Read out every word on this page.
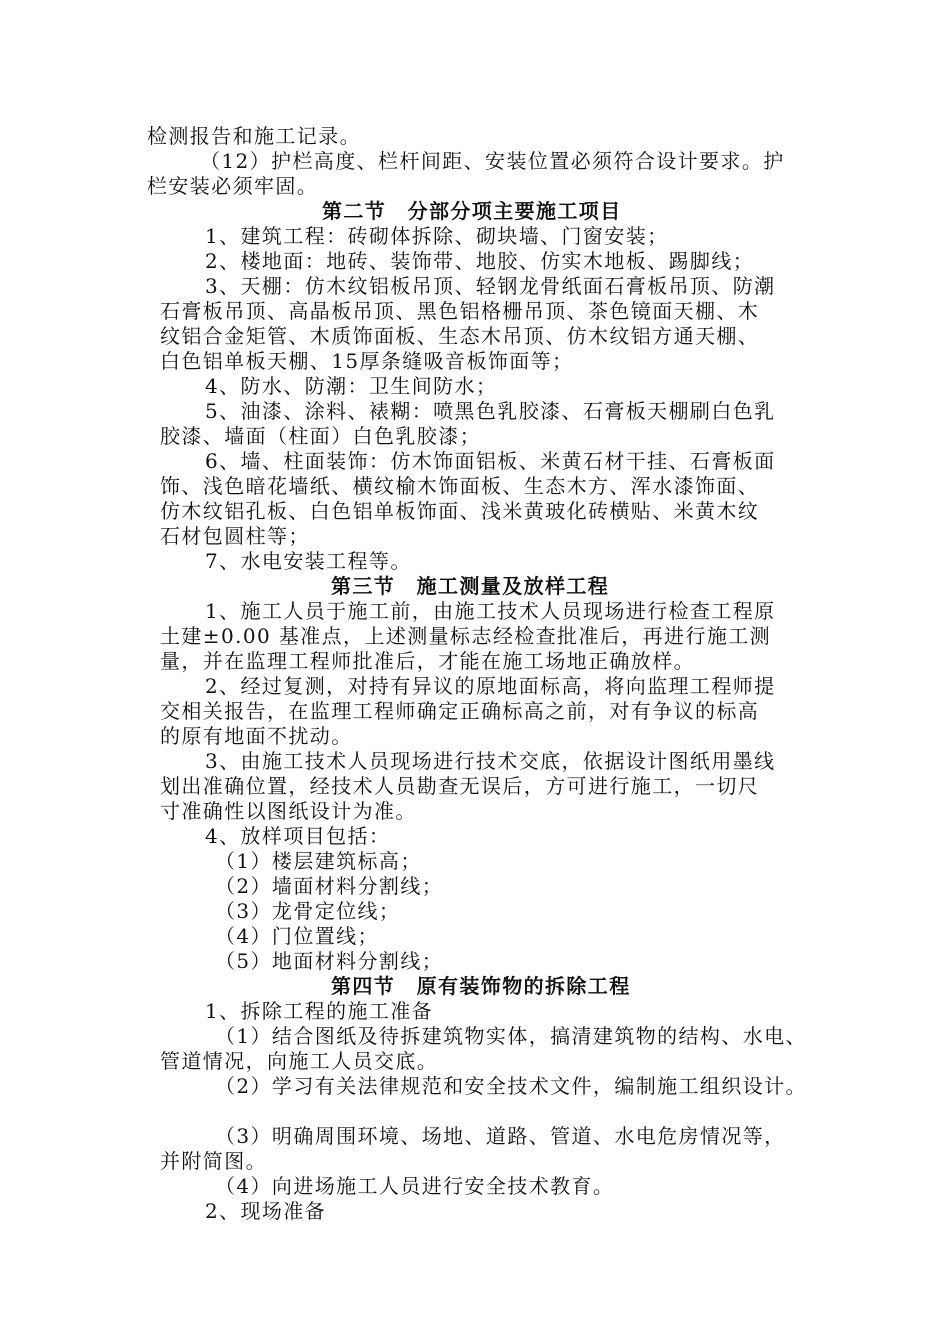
检测报告和施工记录。
（12）护栏高度、栏杆间距、安装位置必须符合设计要求。护
栏安装必须牢固。
第二节　分部分项主要施工项目
1、建筑工程：砖砌体拆除、砌块墙、门窗安装；
2、楼地面：地砖、装饰带、地胶、仿实木地板、踢脚线；
3、天棚：仿木纹铝板吊顶、轻钢龙骨纸面石膏板吊顶、防潮
石膏板吊顶、高晶板吊顶、黑色铝格栅吊顶、茶色镜面天棚、木
纹铝合金矩管、木质饰面板、生态木吊顶、仿木纹铝方通天棚、
白色铝单板天棚、15厚条缝吸音板饰面等；
4、防水、防潮：卫生间防水；
5、油漆、涂料、裱糊：喷黑色乳胶漆、石膏板天棚刷白色乳
胶漆、墙面（柱面）白色乳胶漆；
6、墙、柱面装饰：仿木饰面铝板、米黄石材干挂、石膏板面
饰、浅色暗花墙纸、横纹榆木饰面板、生态木方、浑水漆饰面、
仿木纹铝孔板、白色铝单板饰面、浅米黄玻化砖横贴、米黄木纹
石材包圆柱等；
7、水电安装工程等。
第三节　施工测量及放样工程
1、施工人员于施工前，由施工技术人员现场进行检查工程原
土建±0.00 基准点，上述测量标志经检查批准后，再进行施工测
量，并在监理工程师批准后，才能在施工场地正确放样。
2、经过复测，对持有异议的原地面标高，将向监理工程师提
交相关报告，在监理工程师确定正确标高之前，对有争议的标高
的原有地面不扰动。
3、由施工技术人员现场进行技术交底，依据设计图纸用墨线
划出准确位置，经技术人员勘查无误后，方可进行施工，一切尺
寸准确性以图纸设计为准。
4、放样项目包括：
（1）楼层建筑标高；
（2）墙面材料分割线；
（3）龙骨定位线；
（4）门位置线；
（5）地面材料分割线；
第四节　原有装饰物的拆除工程
1、拆除工程的施工准备
（1）结合图纸及待拆建筑物实体，搞清建筑物的结构、水电、
管道情况，向施工人员交底。
（2）学习有关法律规范和安全技术文件，编制施工组织设计。
（3）明确周围环境、场地、道路、管道、水电危房情况等，
并附简图。
（4）向进场施工人员进行安全技术教育。
2、现场准备
